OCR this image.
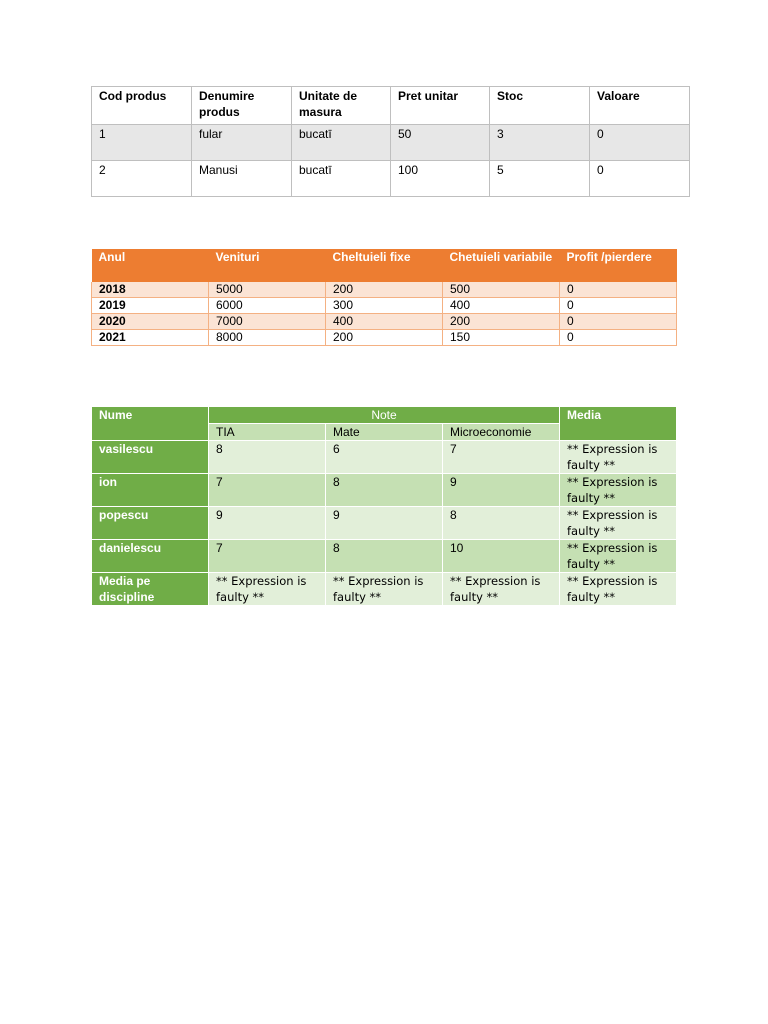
Cod produs	Denumire produs	Unitate de masura	Pret unitar	Stoc	Valoare
1	fular	bucatī	50	3	0
2	Manusi	bucatī	100	5	0
Anul	Venituri	Cheltuieli fixe	Chetuieli variabile	Profit /pierdere
2018	5000	200	500	0
2019	6000	300	400	0
2020	7000	400	200	0
2021	8000	200	150	0
Nume	Note			Media
	TIA	Mate	Microeconomie	
vasilescu	8	6	7	** Expression is faulty **
ion	7	8	9	** Expression is faulty **
popescu	9	9	8	** Expression is faulty **
danielescu	7	8	10	** Expression is faulty **
Media pe discipline	** Expression is faulty **	** Expression is faulty **	** Expression is faulty **	** Expression is faulty **
